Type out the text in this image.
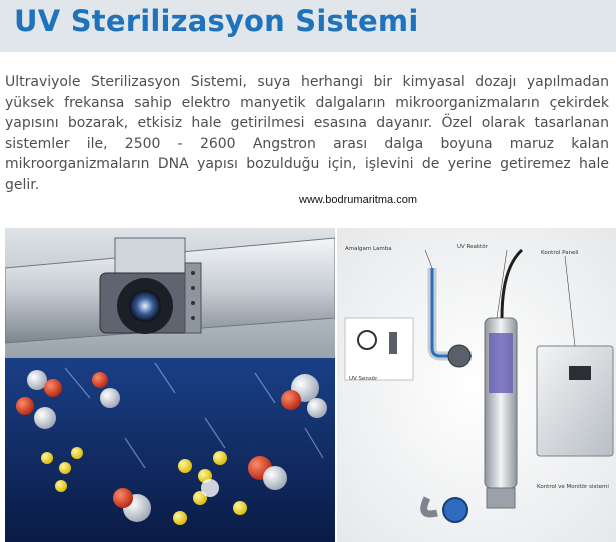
UV Sterilizasyon Sistemi
Ultraviyole Sterilizasyon Sistemi, suya herhangi bir kimyasal dozajı yapılmadan yüksek frekansa sahip elektro manyetik dalgaların mikroorganizmaların çekirdek yapısını bozarak, etkisiz hale getirilmesi esasına dayanır. Özel olarak tasarlanan sistemler ile, 2500 - 2600 Angstron arası dalga boyuna maruz kalan mikroorganizmaların DNA yapısı bozulduğu için, işlevini de yerine getiremez hale gelir.
www.bodrumaritma.com
Amalgam Lamba	UV Reaktör
Kontrol Paneli
UV Sensör
Kontrol ve Monitör sistemi
